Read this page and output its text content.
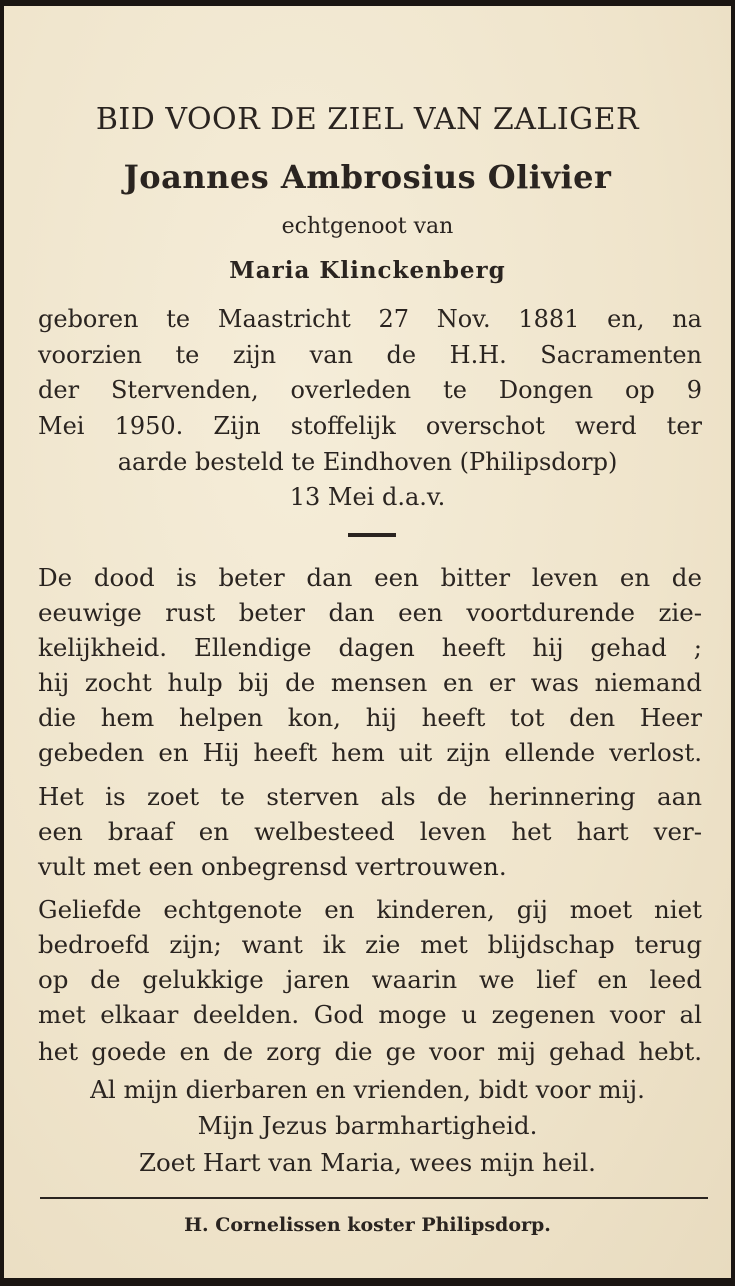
BID VOOR DE ZIEL VAN ZALIGER
Joannes Ambrosius Olivier
echtgenoot van
Maria Klinckenberg
geboren te Maastricht 27 Nov. 1881 en, na
voorzien te zijn van de H.H. Sacramenten
der Stervenden, overleden te Dongen op 9
Mei 1950. Zijn stoffelijk overschot werd ter
aarde besteld te Eindhoven (Philipsdorp)
13 Mei d.a.v.
De dood is beter dan een bitter leven en de
eeuwige rust beter dan een voortdurende zie-
kelijkheid. Ellendige dagen heeft hij gehad ;
hij zocht hulp bij de mensen en er was niemand
die hem helpen kon, hij heeft tot den Heer
gebeden en Hij heeft hem uit zijn ellende verlost.
Het is zoet te sterven als de herinnering aan
een braaf en welbesteed leven het hart ver-
vult met een onbegrensd vertrouwen.
Geliefde echtgenote en kinderen, gij moet niet
bedroefd zijn; want ik zie met blijdschap terug
op de gelukkige jaren waarin we lief en leed
met elkaar deelden. God moge u zegenen voor al
het goede en de zorg die ge voor mij gehad hebt.
Al mijn dierbaren en vrienden, bidt voor mij.
Mijn Jezus barmhartigheid.
Zoet Hart van Maria, wees mijn heil.
H. Cornelissen koster Philipsdorp.
